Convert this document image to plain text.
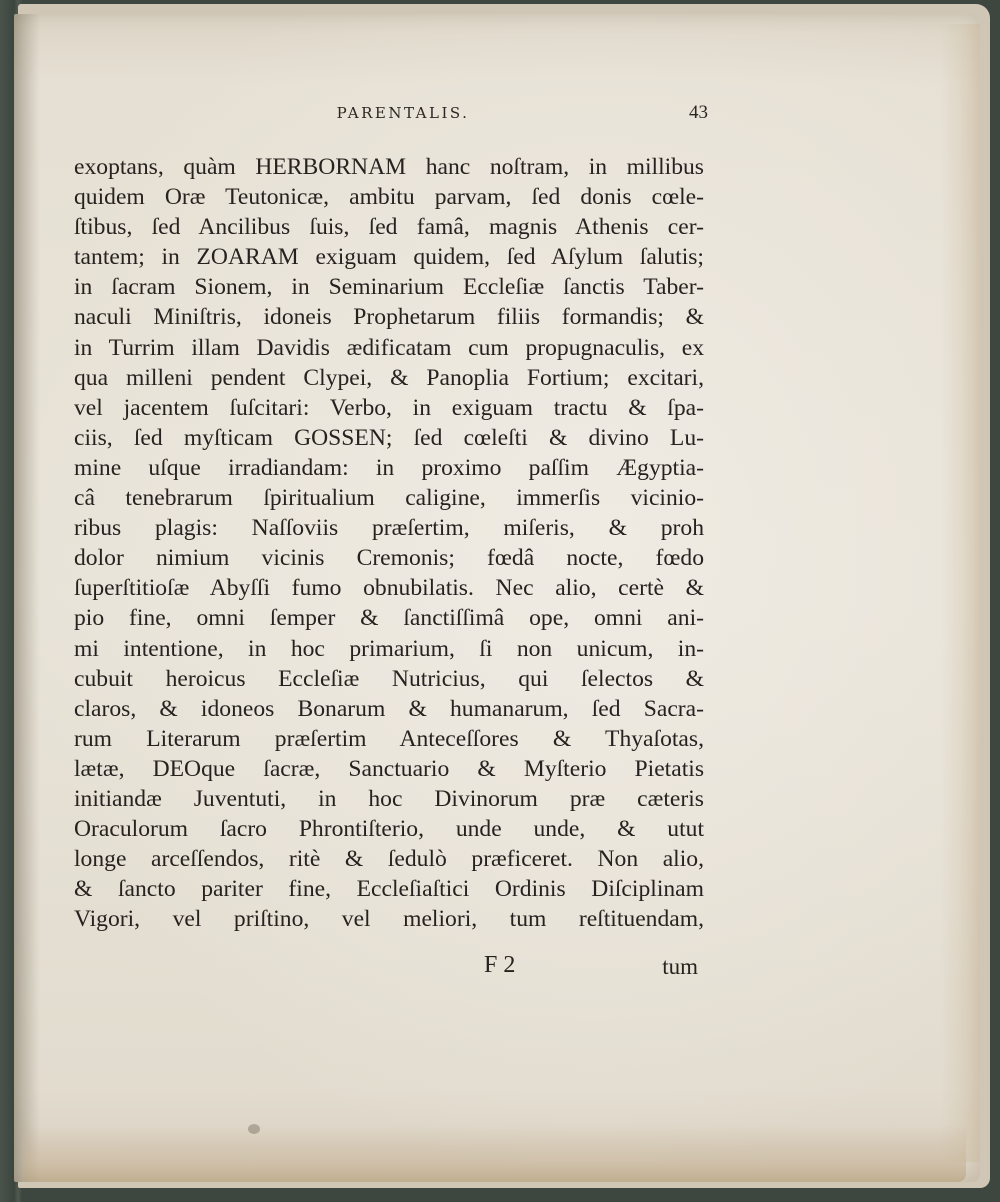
PARENTALIS.	43
exoptans, quàm HERBORNAM hanc noſtram, in millibus
quidem Oræ Teutonicæ, ambitu parvam, ſed donis cœle-
ſtibus, ſed Ancilibus ſuis, ſed famâ, magnis Athenis cer-
tantem; in ZOARAM exiguam quidem, ſed Aſylum ſalutis;
in ſacram Sionem, in Seminarium Eccleſiæ ſanctis Taber-
naculi Miniſtris, idoneis Prophetarum filiis formandis; &
in Turrim illam Davidis ædificatam cum propugnaculis, ex
qua milleni pendent Clypei, & Panoplia Fortium; excitari,
vel jacentem ſuſcitari: Verbo, in exiguam tractu & ſpa-
ciis, ſed myſticam GOSSEN; ſed cœleſti & divino Lu-
mine uſque irradiandam: in proximo paſſim Ægyptia-
câ tenebrarum ſpiritualium caligine, immerſis vicinio-
ribus plagis: Naſſoviis præſertim, miſeris, & proh
dolor nimium vicinis Cremonis; fœdâ nocte, fœdo
ſuperſtitioſæ Abyſſi fumo obnubilatis. Nec alio, certè &
pio fine, omni ſemper & ſanctiſſimâ ope, omni ani-
mi intentione, in hoc primarium, ſi non unicum, in-
cubuit heroicus Eccleſiæ Nutricius, qui ſelectos &
claros, & idoneos Bonarum & humanarum, ſed Sacra-
rum Literarum præſertim Anteceſſores & Thyaſotas,
lætæ, DEOque ſacræ, Sanctuario & Myſterio Pietatis
initiandæ Juventuti, in hoc Divinorum præ cæteris
Oraculorum ſacro Phrontiſterio, unde unde, & utut
longe arceſſendos, ritè & ſedulò præficeret. Non alio,
& ſancto pariter fine, Eccleſiaſtici Ordinis Diſciplinam
Vigori, vel priſtino, vel meliori, tum reſtituendam,
F 2	tum
